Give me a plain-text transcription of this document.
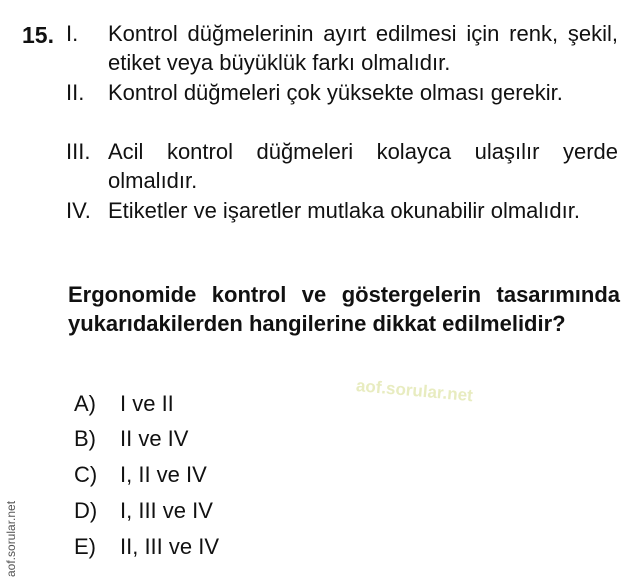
15. I.	Kontrol düğmelerinin ayırt edilmesi için renk, şekil, etiket veya büyüklük farkı olmalıdır.
II.	Kontrol düğmeleri çok yüksekte olması gerekir.
III. Acil kontrol düğmeleri kolayca ulaşılır yerde olmalıdır.
IV. Etiketler ve işaretler mutlaka okunabilir olmalıdır.
Ergonomide kontrol ve göstergelerin tasarımında yukarıdakilerden hangilerine dikkat edilmelidir?
aof.sorular.net
aof.sorular.net
A) I ve II
B) II ve IV
C) I, II ve IV
D) I, III ve IV
E) II, III ve IV
